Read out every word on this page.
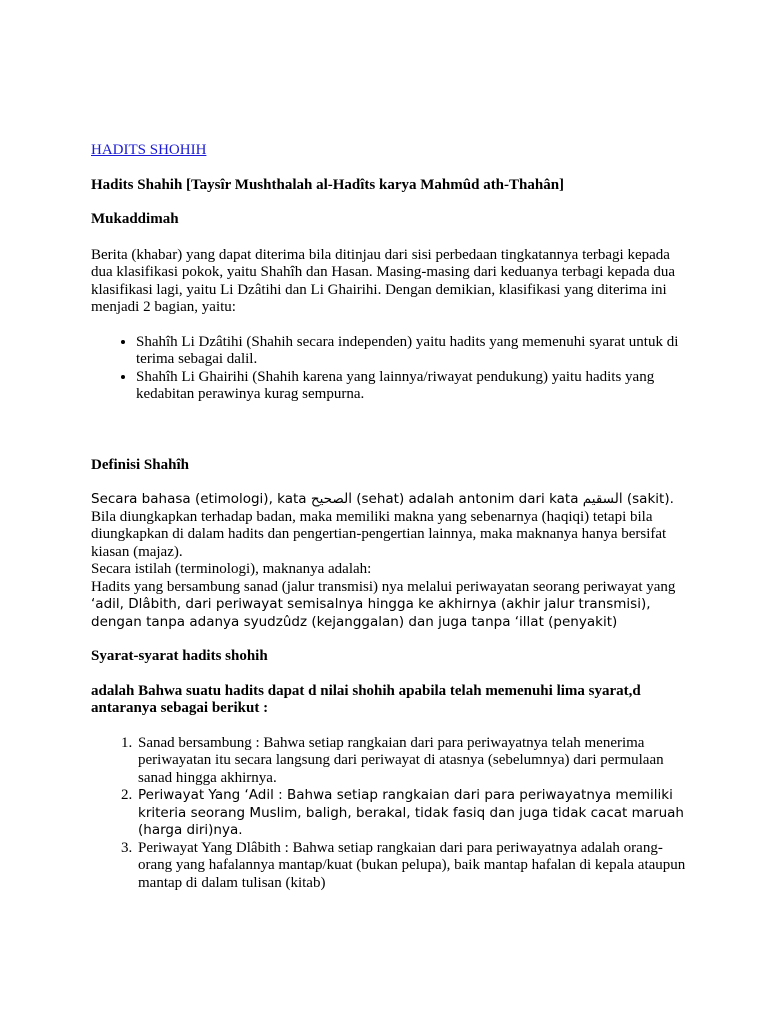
HADITS SHOHIH

Hadits Shahih [Taysîr Mushthalah al-Hadîts karya Mahmûd ath-Thahân]

Mukaddimah

Berita (khabar) yang dapat diterima bila ditinjau dari sisi perbedaan tingkatannya terbagi kepada dua klasifikasi pokok, yaitu Shahîh dan Hasan. Masing-masing dari keduanya terbagi kepada dua klasifikasi lagi, yaitu Li Dzâtihi dan Li Ghairihi. Dengan demikian, klasifikasi yang diterima ini menjadi 2 bagian, yaitu:

• Shahîh Li Dzâtihi (Shahih secara independen) yaitu hadits yang memenuhi syarat untuk di terima sebagai dalil.
• Shahîh Li Ghairihi (Shahih karena yang lainnya/riwayat pendukung) yaitu hadits yang kedabitan perawinya kurag sempurna.

Definisi Shahîh

Secara bahasa (etimologi), kata الصحيح (sehat) adalah antonim dari kata السقيم (sakit). Bila diungkapkan terhadap badan, maka memiliki makna yang sebenarnya (haqiqi) tetapi bila diungkapkan di dalam hadits dan pengertian-pengertian lainnya, maka maknanya hanya bersifat kiasan (majaz).

Secara istilah (terminologi), maknanya adalah:

Hadits yang bersambung sanad (jalur transmisi) nya melalui periwayatan seorang periwayat yang ‘adil, Dlâbith, dari periwayat semisalnya hingga ke akhirnya (akhir jalur transmisi), dengan tanpa adanya syudzûdz (kejanggalan) dan juga tanpa ‘illat (penyakit)

Syarat-syarat hadits shohih

adalah Bahwa suatu hadits dapat d nilai shohih apabila telah memenuhi lima syarat,d antaranya sebagai berikut :

1. Sanad bersambung : Bahwa setiap rangkaian dari para periwayatnya telah menerima periwayatan itu secara langsung dari periwayat di atasnya (sebelumnya) dari permulaan sanad hingga akhirnya.
2. Periwayat Yang ‘Adil : Bahwa setiap rangkaian dari para periwayatnya memiliki kriteria seorang Muslim, baligh, berakal, tidak fasiq dan juga tidak cacat maruah (harga diri)nya.
3. Periwayat Yang Dlâbith : Bahwa setiap rangkaian dari para periwayatnya adalah orang-orang yang hafalannya mantap/kuat (bukan pelupa), baik mantap hafalan di kepala ataupun mantap di dalam tulisan (kitab)
